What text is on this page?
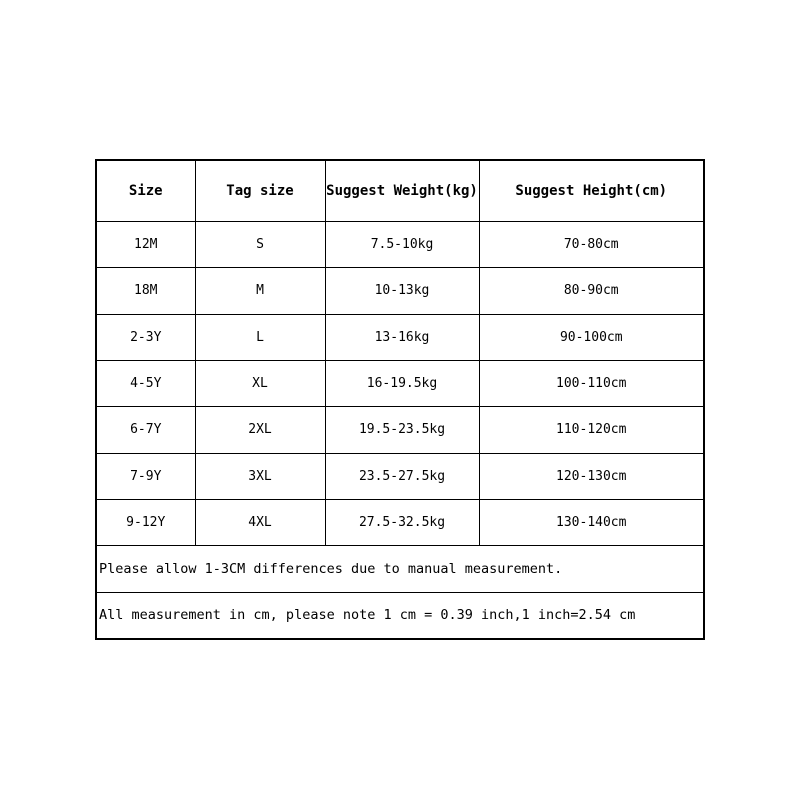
Size	Tag size	Suggest Weight(kg)	Suggest Height(cm)
12M	S	7.5-10kg	70-80cm
18M	M	10-13kg	80-90cm
2-3Y	L	13-16kg	90-100cm
4-5Y	XL	16-19.5kg	100-110cm
6-7Y	2XL	19.5-23.5kg	110-120cm
7-9Y	3XL	23.5-27.5kg	120-130cm
9-12Y	4XL	27.5-32.5kg	130-140cm
Please allow 1-3CM differences due to manual measurement.			
All measurement in cm, please note 1 cm = 0.39 inch,1 inch=2.54 cm			
